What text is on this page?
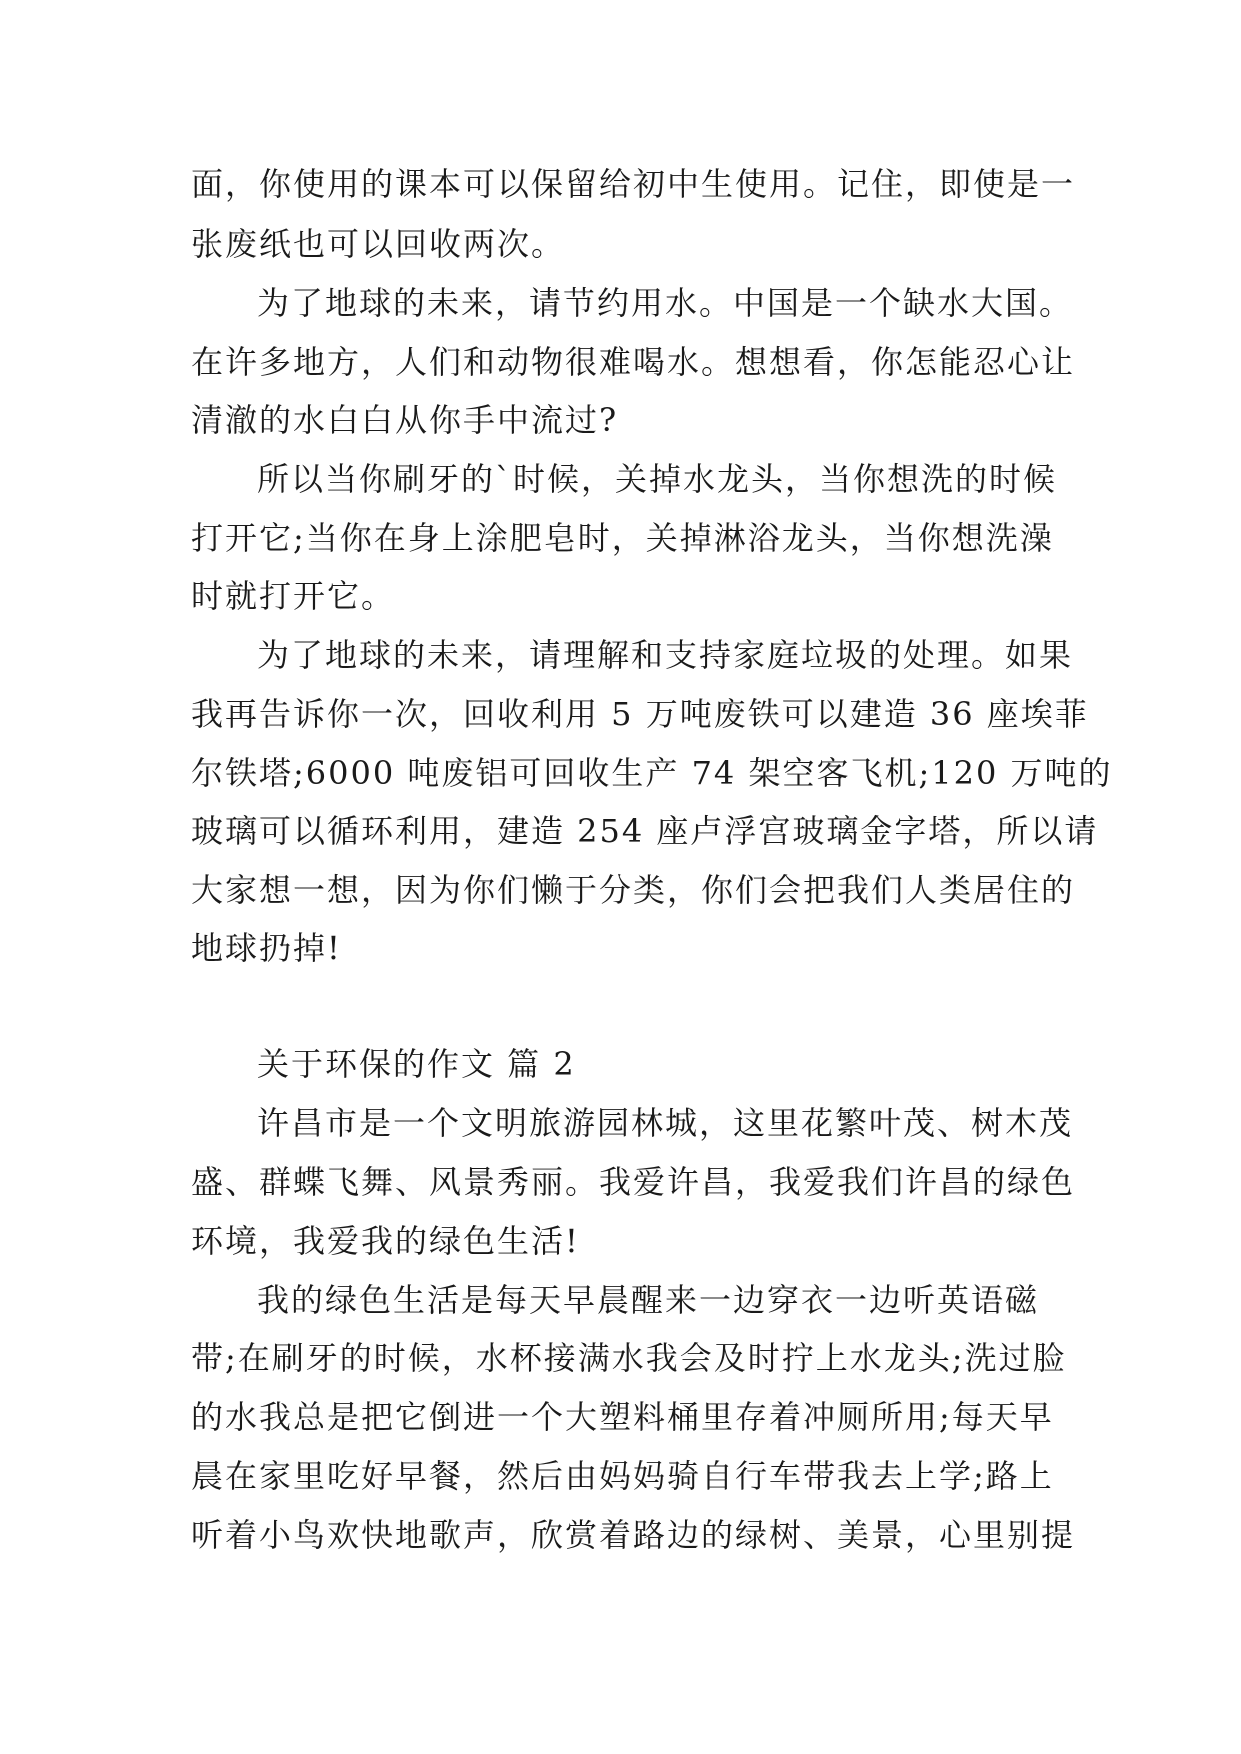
面，你使用的课本可以保留给初中生使用。记住，即使是一
张废纸也可以回收两次。
为了地球的未来，请节约用水。中国是一个缺水大国。
在许多地方，人们和动物很难喝水。想想看，你怎能忍心让
清澈的水白白从你手中流过?
所以当你刷牙的`时候，关掉水龙头，当你想洗的时候
打开它;当你在身上涂肥皂时，关掉淋浴龙头，当你想洗澡
时就打开它。
为了地球的未来，请理解和支持家庭垃圾的处理。如果
我再告诉你一次，回收利用 5 万吨废铁可以建造 36 座埃菲
尔铁塔;6000 吨废铝可回收生产 74 架空客飞机;120 万吨的
玻璃可以循环利用，建造 254 座卢浮宫玻璃金字塔，所以请
大家想一想，因为你们懒于分类，你们会把我们人类居住的
地球扔掉!
关于环保的作文 篇 2
许昌市是一个文明旅游园林城，这里花繁叶茂、树木茂
盛、群蝶飞舞、风景秀丽。我爱许昌，我爱我们许昌的绿色
环境，我爱我的绿色生活!
我的绿色生活是每天早晨醒来一边穿衣一边听英语磁
带;在刷牙的时候，水杯接满水我会及时拧上水龙头;洗过脸
的水我总是把它倒进一个大塑料桶里存着冲厕所用;每天早
晨在家里吃好早餐，然后由妈妈骑自行车带我去上学;路上
听着小鸟欢快地歌声，欣赏着路边的绿树、美景，心里别提
